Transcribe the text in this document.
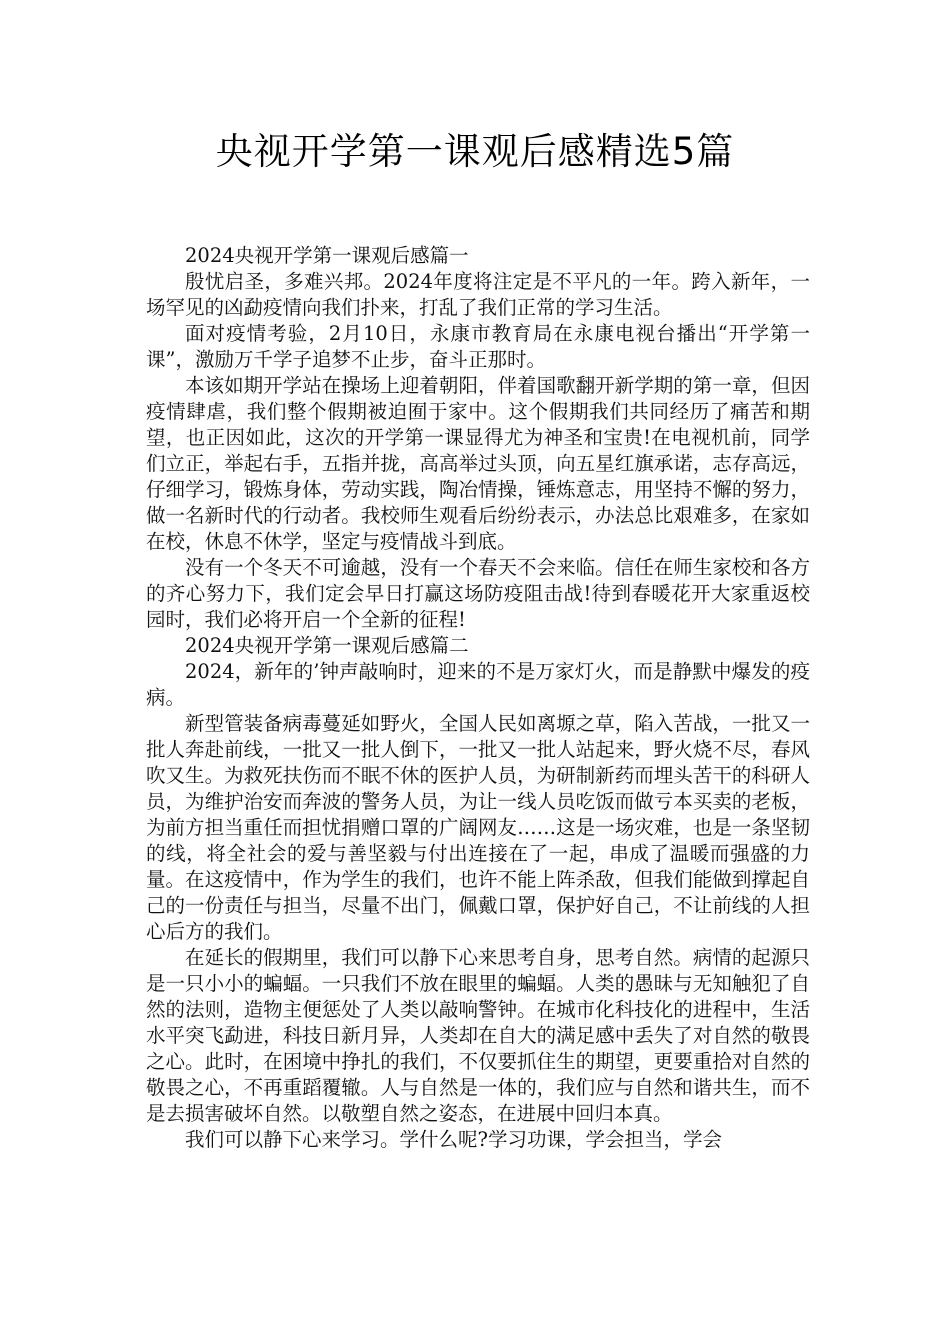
央视开学第一课观后感精选5篇

2024央视开学第一课观后感篇一

殷忧启圣，多难兴邦。2024年度将注定是不平凡的一年。跨入新年，一场罕见的凶勐疫情向我们扑来，打乱了我们正常的学习生活。

面对疫情考验，2月10日，永康市教育局在永康电视台播出“开学第一课”，激励万千学子追梦不止步，奋斗正那时。

本该如期开学站在操场上迎着朝阳，伴着国歌翻开新学期的第一章，但因疫情肆虐，我们整个假期被迫囿于家中。这个假期我们共同经历了痛苦和期望，也正因如此，这次的开学第一课显得尤为神圣和宝贵!在电视机前，同学们立正，举起右手，五指并拢，高高举过头顶，向五星红旗承诺，志存高远，仔细学习，锻炼身体，劳动实践，陶冶情操，锤炼意志，用坚持不懈的努力，做一名新时代的行动者。我校师生观看后纷纷表示，办法总比艰难多，在家如在校，休息不休学，坚定与疫情战斗到底。

没有一个冬天不可逾越，没有一个春天不会来临。信任在师生家校和各方的齐心努力下，我们定会早日打赢这场防疫阻击战!待到春暖花开大家重返校园时，我们必将开启一个全新的征程!

2024央视开学第一课观后感篇二

2024，新年的’钟声敲响时，迎来的不是万家灯火，而是静默中爆发的疫病。

新型管装备病毒蔓延如野火，全国人民如离塬之草，陷入苦战，一批又一批人奔赴前线，一批又一批人倒下，一批又一批人站起来，野火烧不尽，春风吹又生。为救死扶伤而不眠不休的医护人员，为研制新药而埋头苦干的科研人员，为维护治安而奔波的警务人员，为让一线人员吃饭而做亏本买卖的老板，为前方担当重任而担忧捐赠口罩的广阔网友……这是一场灾难，也是一条坚韧的线，将全社会的爱与善坚毅与付出连接在了一起，串成了温暖而强盛的力量。在这疫情中，作为学生的我们，也许不能上阵杀敌，但我们能做到撑起自己的一份责任与担当，尽量不出门，佩戴口罩，保护好自己，不让前线的人担心后方的我们。

在延长的假期里，我们可以静下心来思考自身，思考自然。病情的起源只是一只小小的蝙蝠。一只我们不放在眼里的蝙蝠。人类的愚昧与无知触犯了自然的法则，造物主便惩处了人类以敲响警钟。在城市化科技化的进程中，生活水平突飞勐进，科技日新月异，人类却在自大的满足感中丢失了对自然的敬畏之心。此时，在困境中挣扎的我们，不仅要抓住生的期望，更要重拾对自然的敬畏之心，不再重蹈覆辙。人与自然是一体的，我们应与自然和谐共生，而不是去损害破坏自然。以敬塑自然之姿态，在进展中回归本真。

我们可以静下心来学习。学什么呢?学习功课，学会担当，学会
